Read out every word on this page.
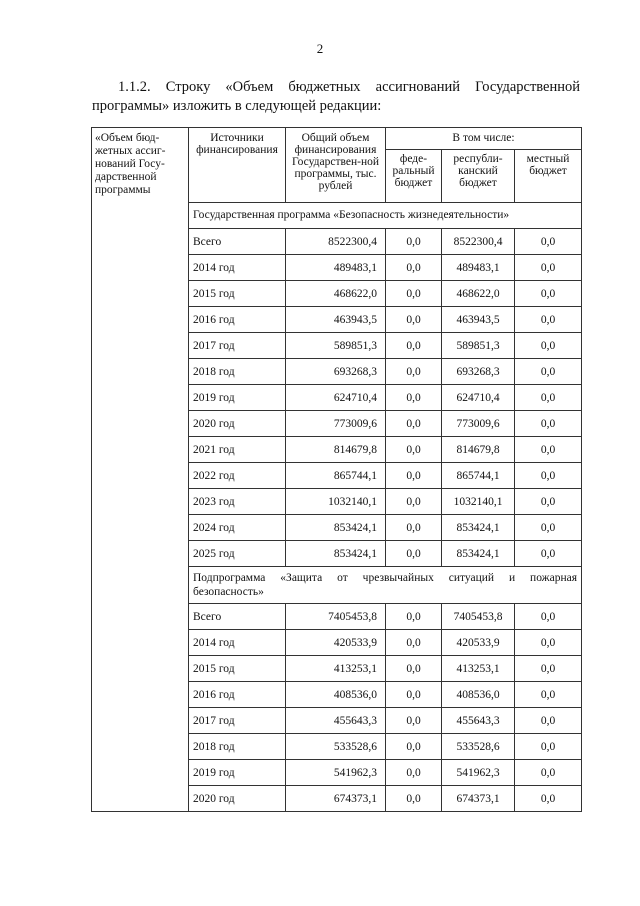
2
1.1.2. Строку «Объем бюджетных ассигнований Государственной программы» изложить в следующей редакции:
«Объем бюд-жетных ассиг-нований Госу-дарственной программы	Источники финансирования	Общий объем финансирования Государствен-ной программы, тыс. рублей	В том числе:		
			феде-ральный бюджет	республи-канский бюджет	местный бюджет
	Государственная программа «Безопасность жизнедеятельности»				
	Всего	8522300,4	0,0	8522300,4	0,0
	2014 год	489483,1	0,0	489483,1	0,0
	2015 год	468622,0	0,0	468622,0	0,0
	2016 год	463943,5	0,0	463943,5	0,0
	2017 год	589851,3	0,0	589851,3	0,0
	2018 год	693268,3	0,0	693268,3	0,0
	2019 год	624710,4	0,0	624710,4	0,0
	2020 год	773009,6	0,0	773009,6	0,0
	2021 год	814679,8	0,0	814679,8	0,0
	2022 год	865744,1	0,0	865744,1	0,0
	2023 год	1032140,1	0,0	1032140,1	0,0
	2024 год	853424,1	0,0	853424,1	0,0
	2025 год	853424,1	0,0	853424,1	0,0
	Подпрограмма «Защита от чрезвычайных ситуаций и пожарная безопасность»				
	Всего	7405453,8	0,0	7405453,8	0,0
	2014 год	420533,9	0,0	420533,9	0,0
	2015 год	413253,1	0,0	413253,1	0,0
	2016 год	408536,0	0,0	408536,0	0,0
	2017 год	455643,3	0,0	455643,3	0,0
	2018 год	533528,6	0,0	533528,6	0,0
	2019 год	541962,3	0,0	541962,3	0,0
	2020 год	674373,1	0,0	674373,1	0,0
